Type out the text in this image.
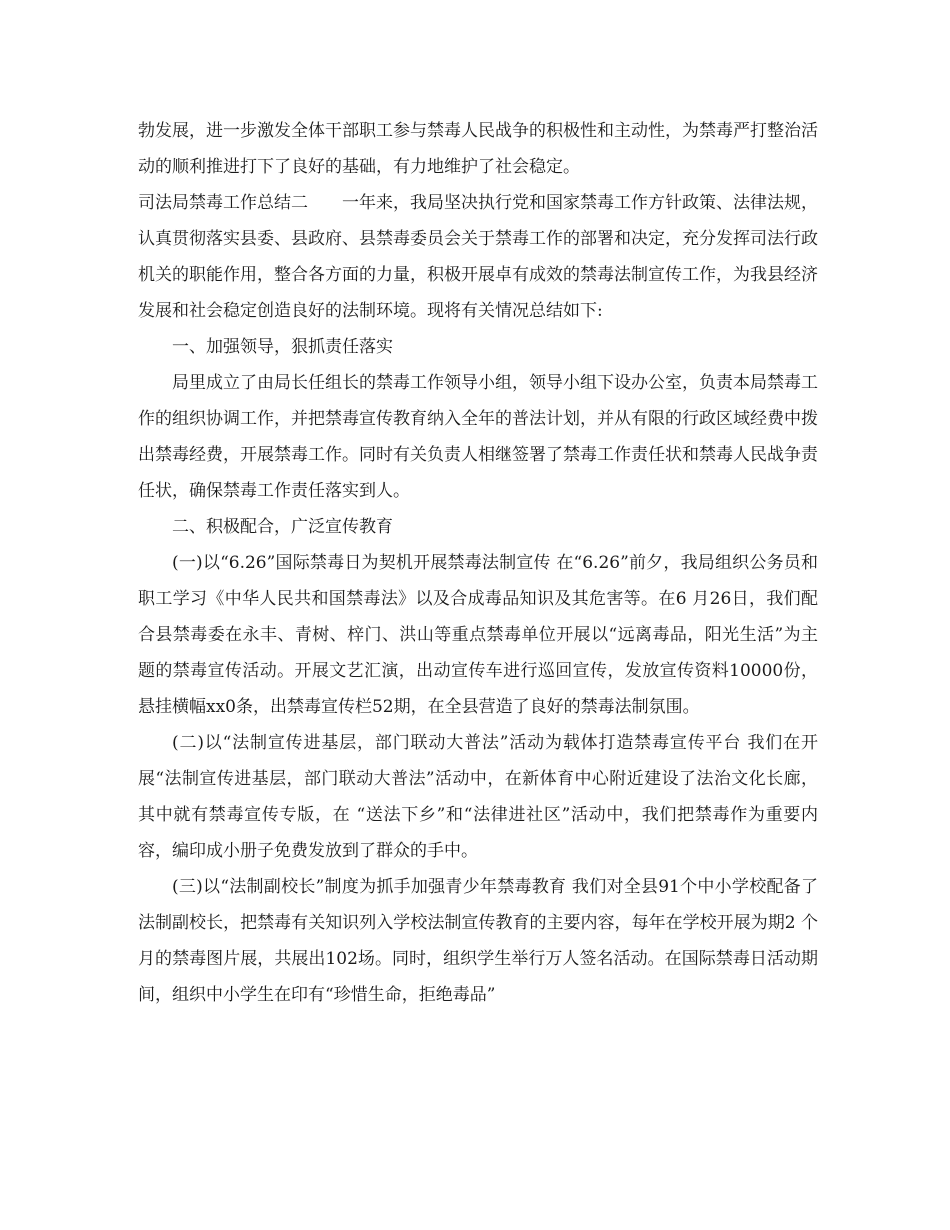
勃发展，进一步激发全体干部职工参与禁毒人民战争的积极性和主动性，为禁毒严打整治活动的顺利推进打下了良好的基础，有力地维护了社会稳定。

司法局禁毒工作总结二　　一年来，我局坚决执行党和国家禁毒工作方针政策、法律法规，认真贯彻落实县委、县政府、县禁毒委员会关于禁毒工作的部署和决定，充分发挥司法行政机关的职能作用，整合各方面的力量，积极开展卓有成效的禁毒法制宣传工作，为我县经济发展和社会稳定创造良好的法制环境。现将有关情况总结如下:

一、加强领导，狠抓责任落实

局里成立了由局长任组长的禁毒工作领导小组，领导小组下设办公室，负责本局禁毒工作的组织协调工作，并把禁毒宣传教育纳入全年的普法计划，并从有限的行政区域经费中拨出禁毒经费，开展禁毒工作。同时有关负责人相继签署了禁毒工作责任状和禁毒人民战争责任状，确保禁毒工作责任落实到人。

二、积极配合，广泛宣传教育

(一)以“6.26”国际禁毒日为契机开展禁毒法制宣传 在“6.26”前夕，我局组织公务员和职工学习《中华人民共和国禁毒法》以及合成毒品知识及其危害等。在6 月26日，我们配合县禁毒委在永丰、青树、梓门、洪山等重点禁毒单位开展以“远离毒品，阳光生活”为主题的禁毒宣传活动。开展文艺汇演，出动宣传车进行巡回宣传，发放宣传资料10000份，悬挂横幅xx0条，出禁毒宣传栏52期，在全县营造了良好的禁毒法制氛围。

(二)以“法制宣传进基层，部门联动大普法”活动为载体打造禁毒宣传平台 我们在开展“法制宣传进基层，部门联动大普法”活动中，在新体育中心附近建设了法治文化长廊，其中就有禁毒宣传专版，在 “送法下乡”和“法律进社区”活动中，我们把禁毒作为重要内容，编印成小册子免费发放到了群众的手中。

(三)以“法制副校长”制度为抓手加强青少年禁毒教育 我们对全县91个中小学校配备了法制副校长，把禁毒有关知识列入学校法制宣传教育的主要内容，每年在学校开展为期2 个月的禁毒图片展，共展出102场。同时，组织学生举行万人签名活动。在国际禁毒日活动期间，组织中小学生在印有“珍惜生命，拒绝毒品”
